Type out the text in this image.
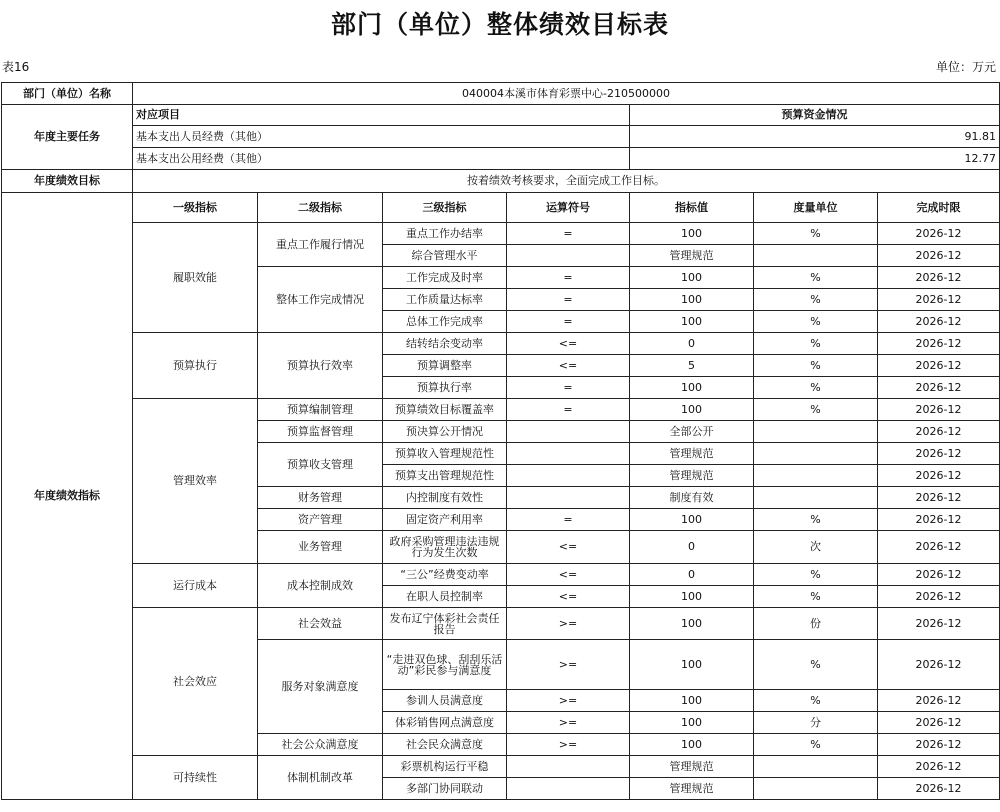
部门（单位）整体绩效目标表
表16	单位：万元
部门（单位）名称	040004本溪市体育彩票中心-210500000						
年度主要任务	对应项目				预算资金情况		
	基本支出人员经费（其他）				91.81		
	基本支出公用经费（其他）				12.77		
年度绩效目标	按着绩效考核要求，全面完成工作目标。						
年度绩效指标	一级指标	二级指标	三级指标	运算符号	指标值	度量单位	完成时限
	履职效能	重点工作履行情况	重点工作办结率	=	100	%	2026-12
			综合管理水平		管理规范		2026-12
		整体工作完成情况	工作完成及时率	=	100	%	2026-12
			工作质量达标率	=	100	%	2026-12
			总体工作完成率	=	100	%	2026-12
	预算执行	预算执行效率	结转结余变动率	<=	0	%	2026-12
			预算调整率	<=	5	%	2026-12
			预算执行率	=	100	%	2026-12
	管理效率	预算编制管理	预算绩效目标覆盖率	=	100	%	2026-12
		预算监督管理	预决算公开情况		全部公开		2026-12
		预算收支管理	预算收入管理规范性		管理规范		2026-12
			预算支出管理规范性		管理规范		2026-12
		财务管理	内控制度有效性		制度有效		2026-12
		资产管理	固定资产利用率	=	100	%	2026-12
		业务管理	政府采购管理违法违规行为发生次数	<=	0	次	2026-12
	运行成本	成本控制成效	“三公”经费变动率	<=	0	%	2026-12
			在职人员控制率	<=	100	%	2026-12
	社会效应	社会效益	发布辽宁体彩社会责任报告	>=	100	份	2026-12
		服务对象满意度	“走进双色球、刮刮乐活动”彩民参与满意度	>=	100	%	2026-12
			参训人员满意度	>=	100	%	2026-12
			体彩销售网点满意度	>=	100	分	2026-12
		社会公众满意度	社会民众满意度	>=	100	%	2026-12
	可持续性	体制机制改革	彩票机构运行平稳		管理规范		2026-12
			多部门协同联动		管理规范		2026-12
